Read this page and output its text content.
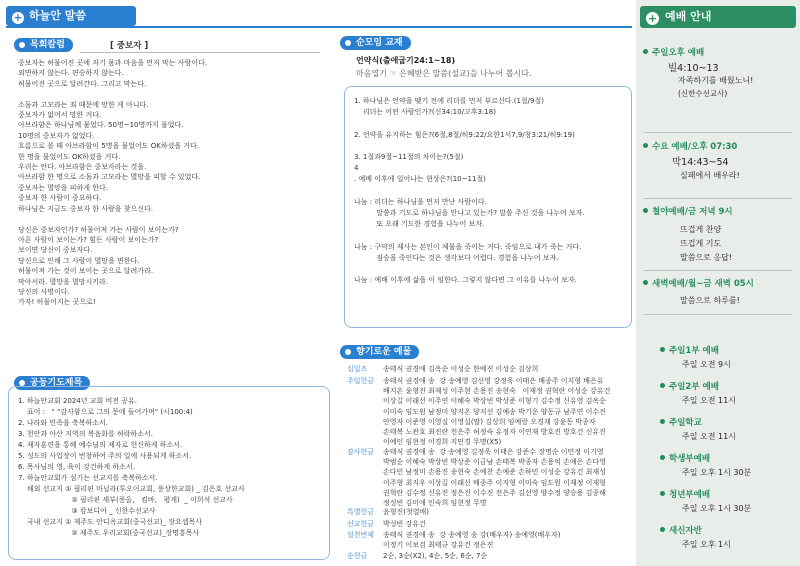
+ 하늘안 말씀
목회칼럼	[ 중보자 ]
중보자는 허물어진 곳에 자기 몸과 마음을 먼저 막는 사람이다.
외면하지 않는다. 편승하지 않는다.
허물어진 곳으로 달려간다. 그리고 막는다.

소돔과 고모라는 죄 때문에 망한 게 아니다.
중보자가 없어서 망한 거다.
아브라함은 하나님께 물었다. 50명~10명까지 물었다.
10명의 중보자가 없었다.
흐름으로 볼 때 아브라함이 5명을 물었어도 OK하셨을 거다.
한 명을 물었어도 OK하셨을 거다.
우리는 안다. 아브라함은 중보자라는 것을.
아브라함 한 명으로 소돔과 고모라는 멸망을 피할 수 있었다.
중보자는 멸망을 피하게 한다.
중보자 한 사람이 중요하다.
하나님은 지금도 중보자 한 사람을 찾으신다.

당신은 중보자인가? 허물어져 가는 사람이 보이는가?
아픈 사람이 보이는가? 힘든 사람이 보이는가?
보이면 당신이 중보자다.
당신으로 인해 그 사람이 멸망을 면한다.
허물어져 가는 것이 보이는 곳으로 달려가라.
막아서라. 멸망을 멸망시키라.
당신의 사명이다.
가자! 허물어지는 곳으로!
공동기도제목
1. 하늘안교회 2024년 교회 비전 공유.
표어 :   " "감사함으로 그의 문에 들어가며" (시100:4)
2. 나라와 민족을 축복하소서.
3. 천안과 아산 지역의 복음화를 허락하소서.
4. 제자훈련을 통해 예수님의 제자로 헌신하게 하소서.
5. 성도의 사업장이 번창하여 주의 일에 사용되게 하소서.
6. 목사님의 영, 육이 강건하게 하소서.
7. 하늘안교회가 섬기는 선교지를 축복하소서.
해외 선교지 ① 필리핀 마닐라(투오이교회, 풍상한교회) _ 김은호 선교사
② 필리핀 세부(풍올,   킴바,   평게)  _ 이희석 선교사
③ 캄보디아 _ 신한수선교사
국내 선교지 ① 제주도 안디옥교회(중국선교)_ 장요셉목사
② 제주도 우리교회(중국선교)_장명흥목사
순모임 교재
언약식(출애굽기24:1~18)
마음열기 ☞ 은혜받은 말씀(설교)을 나누어 봅시다.
1. 하나님은 언약을 맺기 전에 리더를 먼저 부르신다.(1절/9절)
리더는 어떤 사람인가?(신34:10/고후3:18)

2. 언약을 유지하는 힘은?(6절,8절/히9:22/요한1서7,9/창3:21/히9:19)

3. 1절과9절~11절의 차이는?(5절)
4
. 예배 이후에 일어나는 현상은?(10~11절)

나눔 : 리더는 하나님을 먼저 만난 사람이다.
말씀과 기도로 하나님을 만나고 있는가? 말씀 주신 것을 나누어 보자.
또 오래 기도한 경험을 나누어 보자.

나눔 : 구약의 제사는 본인이 제물을 죽이는 거다. 죽임으로 내가 죽는 거다.
짐승을 죽인다는 것은 생각보다 어렵다. 경험을 나누어 보자.

나눔 : 예배 이후에 삶을 이 임한다. 그렇지 않다면 그 이유를 나누어 보자.
향기로운 예물
십일조 송태식 권경애 김옥순 이성순 한예진 이성순 김상희
주일헌금 송태식 권경애 송  강 송예영 김선영 강정욱 이태은 배종주 이지형 배은유
배지온 윤형진 최재성 이주현 손용진 송현숙   이재정 권혁란 이성순 강유건
이상길 이래선 이주연 이혜숙 박상빈 박상준 이형기 김수정 신유영 김옥순
이미숙 임도원 남정미 양지온 양지선 김예송 박기운 양동규 남주연 이수진
안영자 이준영 이영실 이영실(딸) 김상희 임예랑 오경재 강윤동 박종자
손태복 노관호 최진란 전은주 허정숙 유정자 이연재 방호진 방호건 신유진
이예인 임현정 이경희 지민경 무명(X5)
감사헌금 송태식 권경애 송  강 송예영 김정욱 이태은 강준수 장명순 이민정 이기영
박범순 이혜숙 박상빈 박상준 이금남 손태복 박종자 손용익 손예은 손다영
손다민 남정미 손용진 송현숙 손예찬 손예준 손하민 이성순 강유건 최재성
이주형 최지우 이상길 이래선 배종주 이지형 이미숙 임도원 이재정 이재형
권혁란 김수정 신유진 정은진 이수진 전은주 김선영 양수정 양승용 김종해
정성빈 김미애 인숙희 임현정 무명
특별헌금 윤형진(첫열매)
선교헌금 박성빈 강유건
일천번제 송태식 권경애 송  강 송예영 송 강(배우자) 송예영(배우자)
이정기 이보검 최태규 강유건 정은진
순헌금 2순, 3순(X2), 4순, 5순, 6순, 7순
+ 예배 안내
주일오후 예배
빌4:10~13
자족하기를 배웠노니!
(신한수선교사)
수요 예배/오후 07:30
막14:43~54
실패에서 배우라!
철야예배/금 저녁 9시
뜨겁게 찬양
뜨겁게 기도
말씀으로 응답!
새벽예배/월~금 새벽 05시
말씀으로 하루를!
주일1부 예배
주일 오전 9시
주일2부 예배
주일 오전 11시
주일학교
주일 오전 11시
학생부예배
주일 오후 1시 30분
청년부예배
주일 오후 1시 30분
새신자반
주일 오후 1시
